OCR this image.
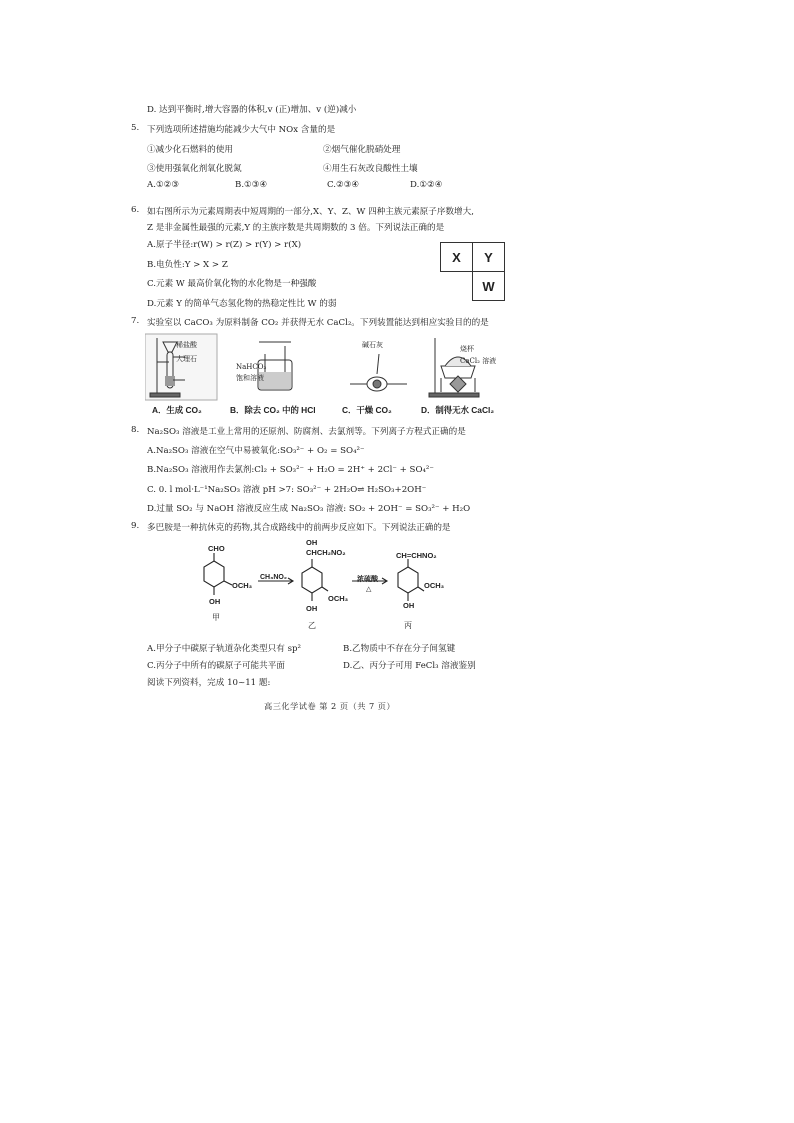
D. 达到平衡时,增大容器的体积,v (正)增加、v (逆)减小
5. 下列选项所述措施均能减少大气中 NOx 含量的是
①减少化石燃料的使用	②烟气催化脱硝处理
③使用强氧化剂氧化脱氮	④用生石灰改良酸性土壤
A.①②③	B.①③④	C.②③④	D.①②④
6. 如右图所示为元素周期表中短周期的一部分,X、Y、Z、W 四种主族元素原子序数增大,
Z 是非金属性最强的元素,Y 的主族序数是共周期数的 3 倍。下列说法正确的是
A.原子半径:r(W) > r(Z) > r(Y) > r(X)
B.电负性:Y > X > Z
C.元素 W 最高价氧化物的水化物是一种强酸
D.元素 Y 的简单气态氢化物的热稳定性比 W 的弱
X	Y
	W
7. 实验室以 CaCO₃ 为原料制备 CO₂ 并获得无水 CaCl₂。下列装置能达到相应实验目的的是
稀盐酸
大理石
NaHCO₃
饱和溶液
碱石灰	烧杯
CaCl₂ 溶液
A．生成 CO₂	B．除去 CO₂ 中的 HCl	C．干燥 CO₂	D．制得无水 CaCl₂
8. Na₂SO₃ 溶液是工业上常用的还原剂、防腐剂、去氯剂等。下列离子方程式正确的是
A.Na₂SO₃ 溶液在空气中易被氧化:SO₃²⁻ + O₂ = SO₄²⁻
B.Na₂SO₃ 溶液用作去氯剂:Cl₂ + SO₃²⁻ + H₂O = 2H⁺ + 2Cl⁻ + SO₄²⁻
C. 0. l mol·L⁻¹Na₂SO₃ 溶液 pH >7: SO₃²⁻ + 2H₂O⇌ H₂SO₃+2OH⁻
D.过量 SO₂ 与 NaOH 溶液反应生成 Na₂SO₃ 溶液: SO₂ + 2OH⁻ = SO₃²⁻ + H₂O
9. 多巴胺是一种抗休克的药物,其合成路线中的前两步反应如下。下列说法正确的是
CHO
OCH₃
OH
甲
CH₃NO₂
OH
CHCH₂NO₂
OCH₃
OH
乙
浓硫酸
△
CH=CHNO₂
OCH₃
OH
丙
A.甲分子中碳原子轨道杂化类型只有 sp²	B.乙物质中不存在分子间氢键
C.丙分子中所有的碳原子可能共平面	D.乙、丙分子可用 FeCl₃ 溶液鉴别
阅读下列资料，完成 10~11 题:
高三化学试卷 第 2 页（共 7 页）
